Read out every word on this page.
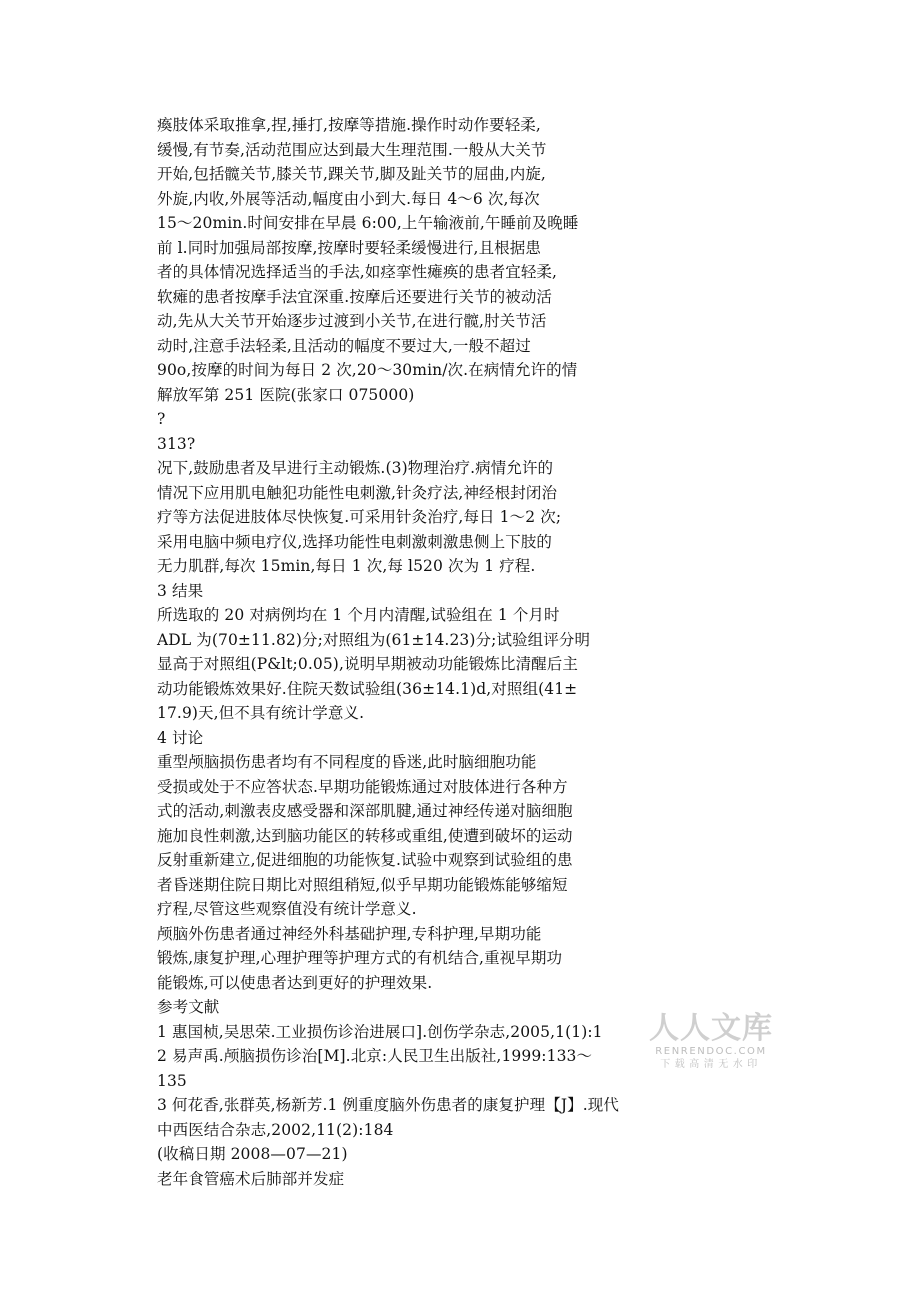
瘓肢体采取推拿,捏,捶打,按摩等措施.操作时动作要轻柔,
缓慢,有节奏,活动范围应达到最大生理范围.一般从大关节
开始,包括髋关节,膝关节,踝关节,脚及趾关节的屈曲,内旋,
外旋,内收,外展等活动,幅度由小到大.每日 4～6 次,每次
15～20min.时间安排在早晨 6:00,上午输液前,午睡前及晚睡
前 l.同时加强局部按摩,按摩时要轻柔缓慢进行,且根据患
者的具体情况选择适当的手法,如痉挛性瘫痪的患者宜轻柔,
软瘫的患者按摩手法宜深重.按摩后还要进行关节的被动活
动,先从大关节开始逐步过渡到小关节,在进行髋,肘关节活
动时,注意手法轻柔,且活动的幅度不要过大,一般不超过
90o,按摩的时间为每日 2 次,20～30min/次.在病情允许的情
解放军第 251 医院(张家口 075000)
?
313?
况下,鼓励患者及早进行主动锻炼.(3)物理治疗.病情允许的
情况下应用肌电触犯功能性电刺激,针灸疗法,神经根封闭治
疗等方法促进肢体尽快恢复.可采用针灸治疗,每日 1～2 次;
采用电脑中频电疗仪,选择功能性电刺激刺激患侧上下肢的
无力肌群,每次 15min,每日 1 次,每 l520 次为 1 疗程.
3 结果
所选取的 20 对病例均在 1 个月内清醒,试验组在 1 个月时
ADL 为(70±11.82)分;对照组为(61±14.23)分;试验组评分明
显高于对照组(P&lt;0.05),说明早期被动功能锻炼比清醒后主
动功能锻炼效果好.住院天数试验组(36±14.1)d,对照组(41±
17.9)天,但不具有统计学意义.
4 讨论
重型颅脑损伤患者均有不同程度的昏迷,此时脑细胞功能
受损或处于不应答状态.早期功能锻炼通过对肢体进行各种方
式的活动,刺激表皮感受器和深部肌腱,通过神经传递对脑细胞
施加良性刺激,达到脑功能区的转移或重组,使遭到破坏的运动
反射重新建立,促进细胞的功能恢复.试验中观察到试验组的患
者昏迷期住院日期比对照组稍短,似乎早期功能锻炼能够缩短
疗程,尽管这些观察值没有统计学意义.
颅脑外伤患者通过神经外科基础护理,专科护理,早期功能
锻炼,康复护理,心理护理等护理方式的有机结合,重视早期功
能锻炼,可以使患者达到更好的护理效果.
参考文献
1 惠国桢,吴思荣.工业损伤诊治进展口].创伤学杂志,2005,1(1):1
2 易声禹.颅脑损伤诊治[M].北京:人民卫生出版社,1999:133～
135
3 何花香,张群英,杨新芳.1 例重度脑外伤患者的康复护理【J】.现代
中西医结合杂志,2002,11(2):184
(收稿日期 2008—07—21)
老年食管癌术后肺部并发症
人人文库
RENRENDOC.COM
下载高清无水印
